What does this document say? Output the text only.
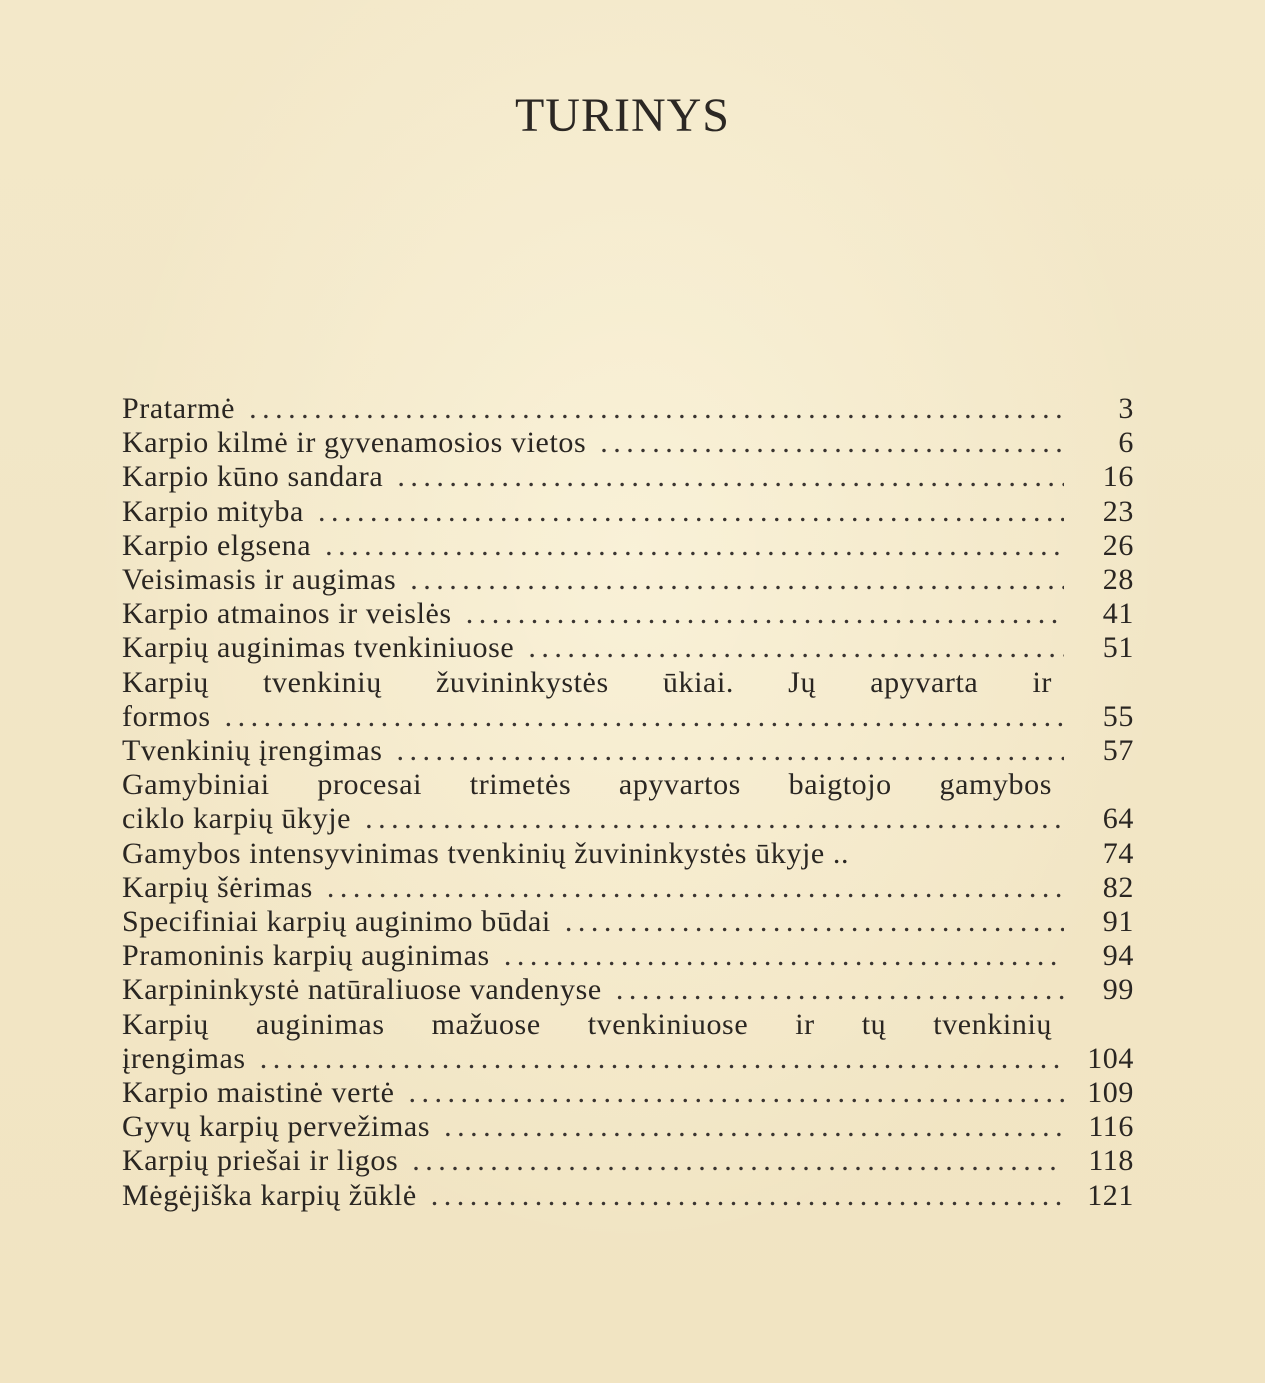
TURINYS
Pratarmė . . .	3
Karpio kilmė ir gyvenamosios vietos . . .	6
Karpio kūno sandara . . .	16
Karpio mityba . . .	23
Karpio elgsena . . .	26
Veisimasis ir augimas . . .	28
Karpio atmainos ir veislės . . .	41
Karpių auginimas tvenkiniuose . . .	51
Karpių tvenkinių žuvininkystės ūkiai. Jų apyvarta ir
formos . . .	55
Tvenkinių įrengimas . . .	57
Gamybiniai procesai trimetės apyvartos baigtojo gamybos
ciklo karpių ūkyje . . .	64
Gamybos intensyvinimas tvenkinių žuvininkystės ūkyje ..	74
Karpių šėrimas . . .	82
Specifiniai karpių auginimo būdai . . .	91
Pramoninis karpių auginimas . . .	94
Karpininkystė natūraliuose vandenyse . . .	99
Karpių auginimas mažuose tvenkiniuose ir tų tvenkinių
įrengimas . . .	104
Karpio maistinė vertė . . .	109
Gyvų karpių pervežimas . . .	116
Karpių priešai ir ligos . . .	118
Mėgėjiška karpių žūklė . . .	121
